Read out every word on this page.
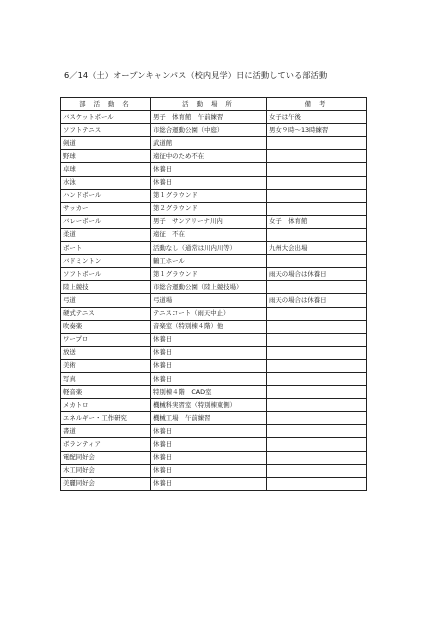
6／14（土）オープンキャンパス（校内見学）日に活動している部活動
部 活 動 名	活 動 場 所	備 考
バスケットボール	男子　体育館　午前練習	女子は午後
ソフトテニス	市総合運動公園（中庭）	男女９時～13時練習
剣道	武道館	
野球	遠征中のため不在	
卓球	休養日	
水泳	休養日	
ハンドボール	第１グラウンド	
サッカー	第２グラウンド	
バレーボール	男子　サンアリーナ川内	女子　体育館
柔道	遠征　不在	
ボート	活動なし（通常は川内川等）	九州大会出場
バドミントン	鶴工ホール	
ソフトボール	第１グラウンド	雨天の場合は休養日
陸上競技	市総合運動公園（陸上競技場）	
弓道	弓道場	雨天の場合は休養日
硬式テニス	テニスコート（雨天中止）	
吹奏楽	音楽室（特別棟４階）他	
ワープロ	休養日	
放送	休養日	
美術	休養日	
写真	休養日	
軽音楽	特別棟４階　CAD室	
メカトロ	機械科実習室（特別棟東側）	
エネルギー・工作研究	機械工場　午前練習	
書道	休養日	
ボランティア	休養日	
電配同好会	休養日	
木工同好会	休養日	
美麗同好会	休養日	
